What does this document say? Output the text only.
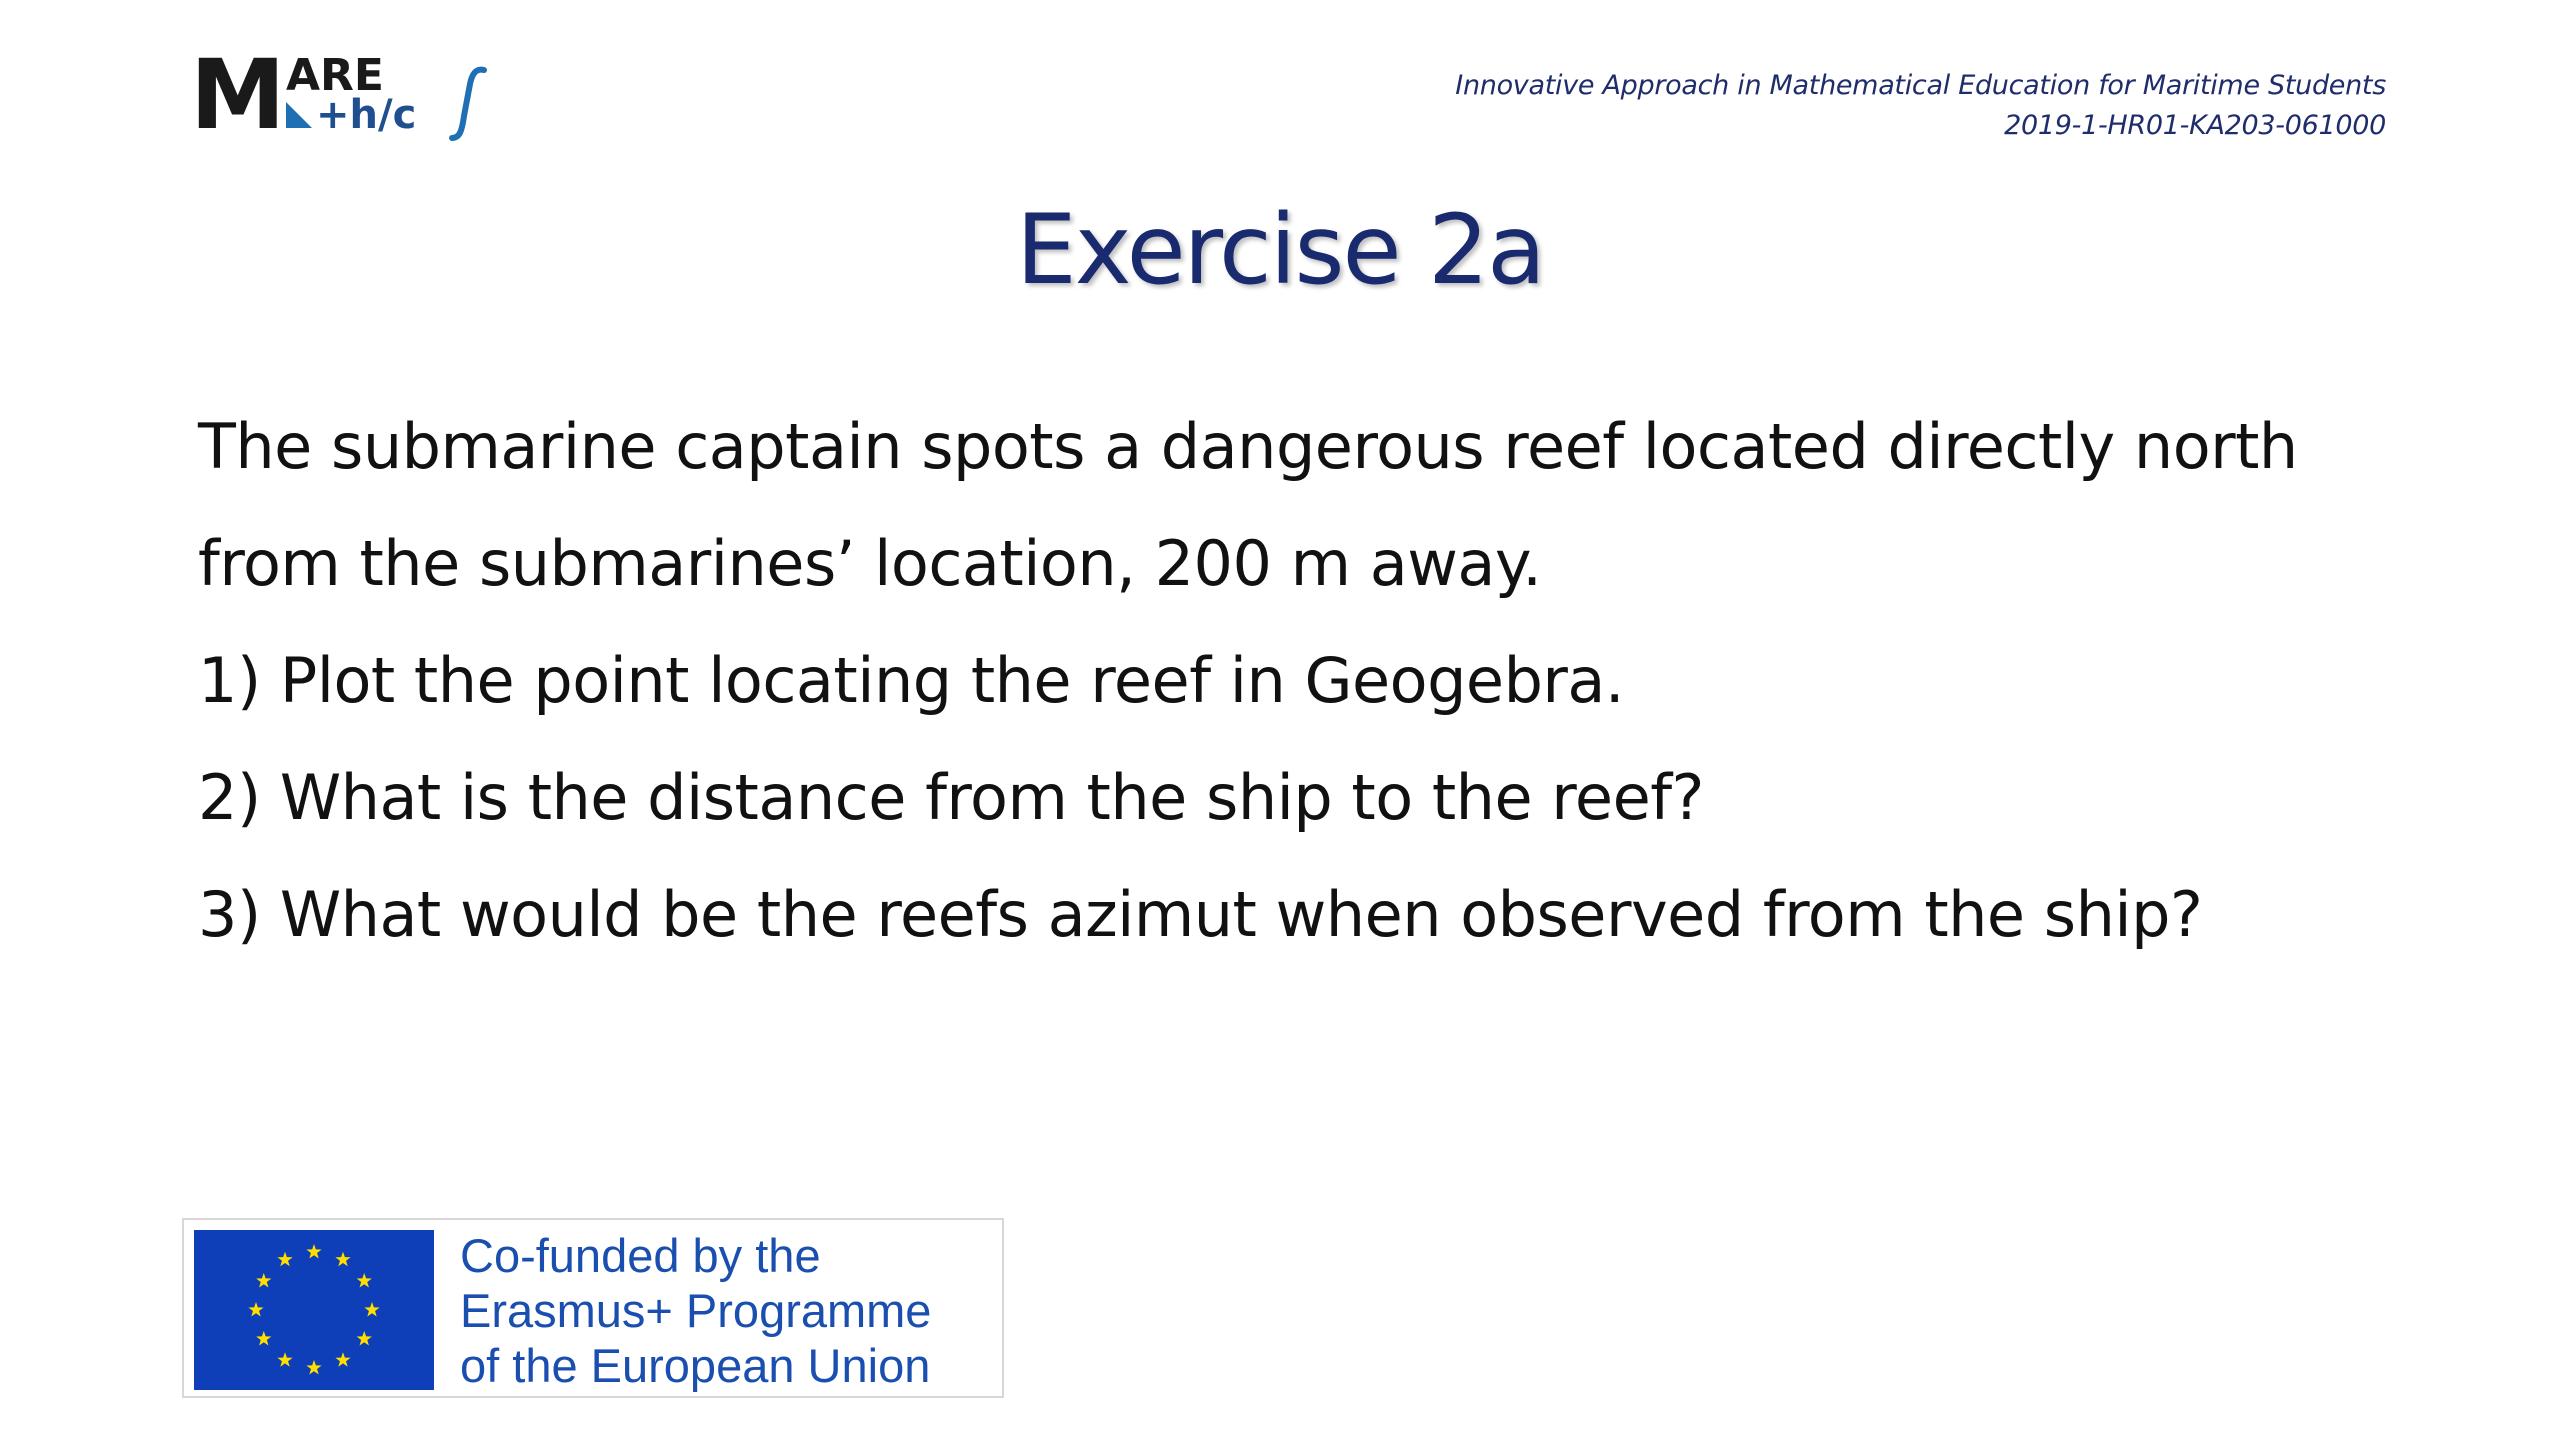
M ARE
+h/c
Innovative Approach in Mathematical Education for Maritime Students
2019-1-HR01-KA203-061000
Exercise 2a
The submarine captain spots a dangerous reef located directly north
from the submarines’ location, 200 m away.
1) Plot the point locating the reef in Geogebra.
2) What is the distance from the ship to the reef?
3) What would be the reefs azimut when observed from the ship?
Co-funded by the
Erasmus+ Programme
of the European Union
